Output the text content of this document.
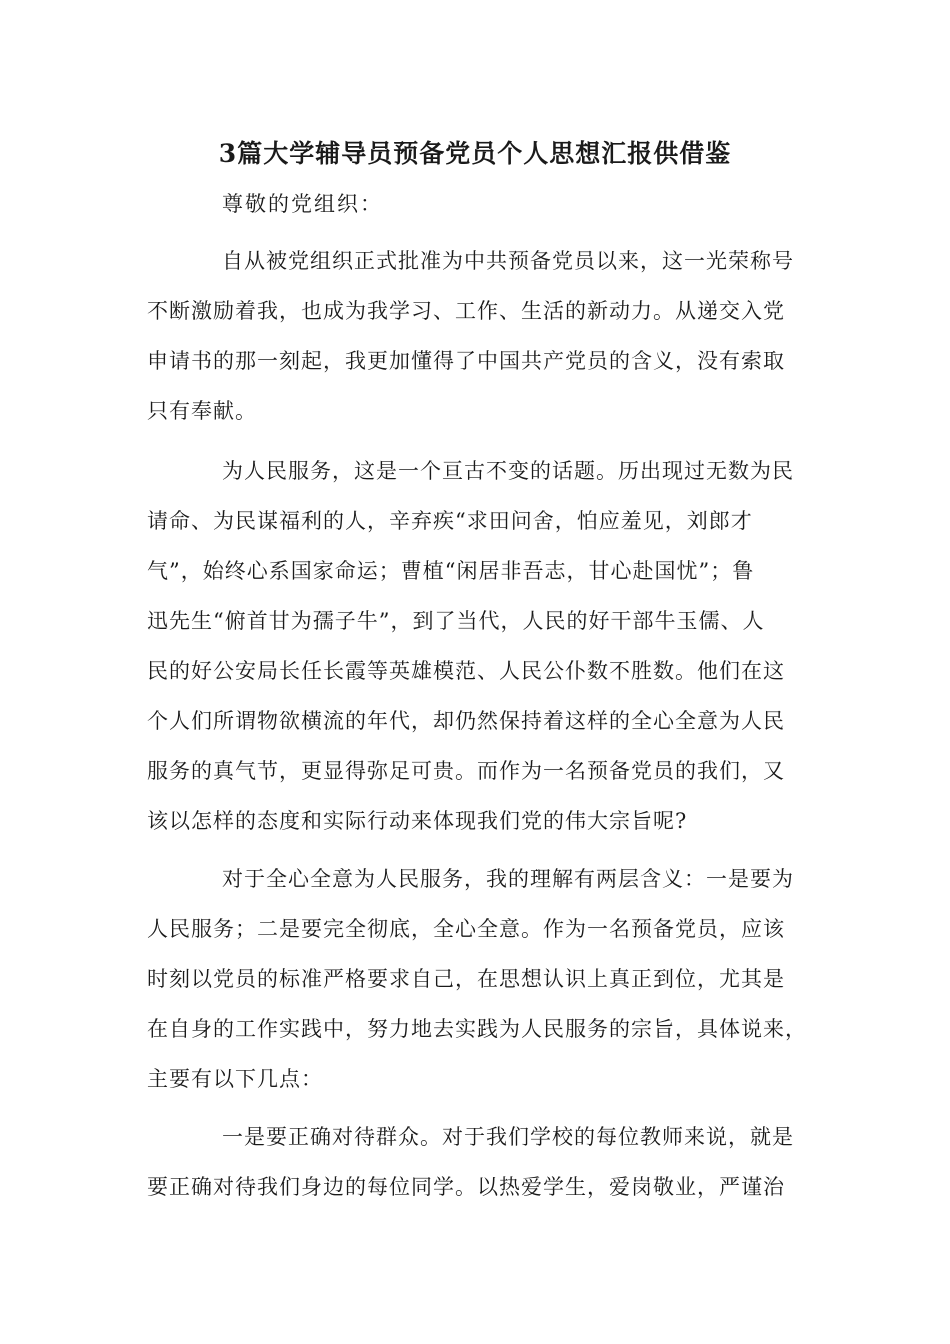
3篇大学辅导员预备党员个人思想汇报供借鉴
尊敬的党组织：
自从被党组织正式批准为中共预备党员以来，这一光荣称号
不断激励着我，也成为我学习、工作、生活的新动力。从递交入党
申请书的那一刻起，我更加懂得了中国共产党员的含义，没有索取
只有奉献。
为人民服务，这是一个亘古不变的话题。历出现过无数为民
请命、为民谋福利的人，辛弃疾“求田问舍，怕应羞见，刘郎才
气”，始终心系国家命运；曹植“闲居非吾志，甘心赴国忧”；鲁
迅先生“俯首甘为孺子牛”，到了当代，人民的好干部牛玉儒、人
民的好公安局长任长霞等英雄模范、人民公仆数不胜数。他们在这
个人们所谓物欲横流的年代，却仍然保持着这样的全心全意为人民
服务的真气节，更显得弥足可贵。而作为一名预备党员的我们，又
该以怎样的态度和实际行动来体现我们党的伟大宗旨呢?
对于全心全意为人民服务，我的理解有两层含义：一是要为
人民服务；二是要完全彻底，全心全意。作为一名预备党员，应该
时刻以党员的标准严格要求自己，在思想认识上真正到位，尤其是
在自身的工作实践中，努力地去实践为人民服务的宗旨，具体说来，
主要有以下几点：
一是要正确对待群众。对于我们学校的每位教师来说，就是
要正确对待我们身边的每位同学。以热爱学生，爱岗敬业，严谨治
